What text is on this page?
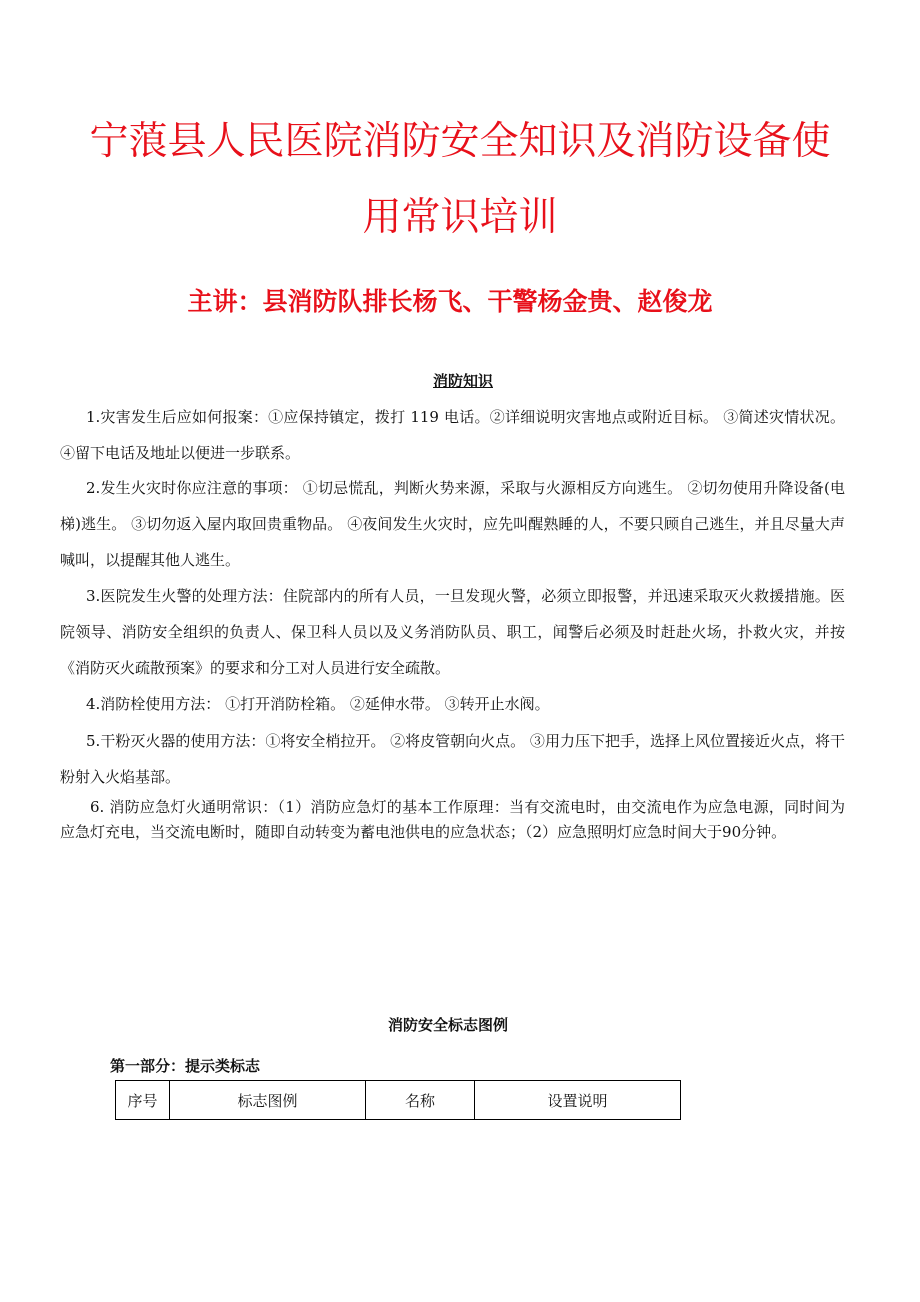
宁蒗县人民医院消防安全知识及消防设备使
用常识培训
主讲：县消防队排长杨飞、干警杨金贵、赵俊龙
消防知识
1.灾害发生后应如何报案：①应保持镇定，拨打 119 电话。②详细说明灾害地点或附近目标。 ③简述灾情状况。 ④留下电话及地址以便进一步联系。
2.发生火灾时你应注意的事项： ①切忌慌乱，判断火势来源，采取与火源相反方向逃生。 ②切勿使用升降设备(电梯)逃生。 ③切勿返入屋内取回贵重物品。 ④夜间发生火灾时，应先叫醒熟睡的人，不要只顾自己逃生，并且尽量大声喊叫，以提醒其他人逃生。
3.医院发生火警的处理方法：住院部内的所有人员，一旦发现火警，必须立即报警，并迅速采取灭火救援措施。医院领导、消防安全组织的负责人、保卫科人员以及义务消防队员、职工，闻警后必须及时赶赴火场，扑救火灾，并按《消防灭火疏散预案》的要求和分工对人员进行安全疏散。
4.消防栓使用方法： ①打开消防栓箱。 ②延伸水带。 ③转开止水阀。
5.干粉灭火器的使用方法：①将安全梢拉开。 ②将皮管朝向火点。 ③用力压下把手，选择上风位置接近火点，将干粉射入火焰基部。
6. 消防应急灯火通明常识：（1）消防应急灯的基本工作原理：当有交流电时，由交流电作为应急电源，同时间为应急灯充电，当交流电断时，随即自动转变为蓄电池供电的应急状态；（2）应急照明灯应急时间大于90分钟。
消防安全标志图例
第一部分：提示类标志
序号	标志图例	名称	设置说明
